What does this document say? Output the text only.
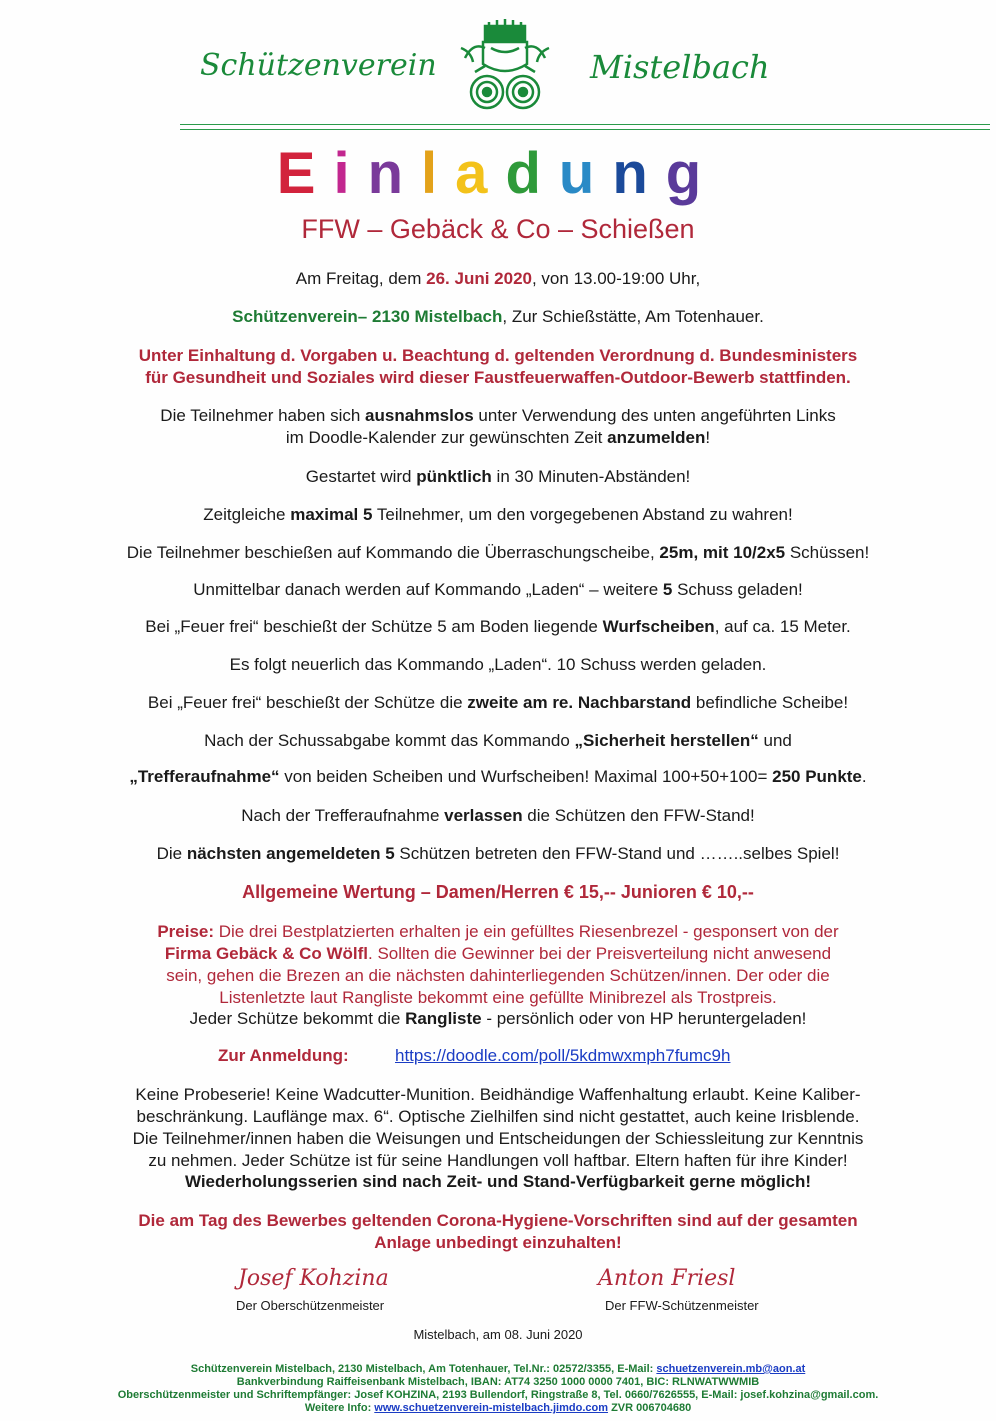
Schützenverein	Mistelbach
Einladung
FFW – Gebäck & Co – Schießen
Am Freitag, dem 26. Juni 2020, von 13.00-19:00 Uhr,
Schützenverein– 2130 Mistelbach, Zur Schießstätte, Am Totenhauer.
Unter Einhaltung d. Vorgaben u. Beachtung d. geltenden Verordnung d. Bundesministers
für Gesundheit und Soziales wird dieser Faustfeuerwaffen-Outdoor-Bewerb stattfinden.
Die Teilnehmer haben sich ausnahmslos unter Verwendung des unten angeführten Links
im Doodle-Kalender zur gewünschten Zeit anzumelden!
Gestartet wird pünktlich in 30 Minuten-Abständen!
Zeitgleiche maximal 5 Teilnehmer, um den vorgegebenen Abstand zu wahren!
Die Teilnehmer beschießen auf Kommando die Überraschungscheibe, 25m, mit 10/2x5 Schüssen!
Unmittelbar danach werden auf Kommando „Laden“ – weitere 5 Schuss geladen!
Bei „Feuer frei“ beschießt der Schütze 5 am Boden liegende Wurfscheiben, auf ca. 15 Meter.
Es folgt neuerlich das Kommando „Laden“. 10 Schuss werden geladen.
Bei „Feuer frei“ beschießt der Schütze die zweite am re. Nachbarstand befindliche Scheibe!
Nach der Schussabgabe kommt das Kommando „Sicherheit herstellen“ und
„Trefferaufnahme“ von beiden Scheiben und Wurfscheiben! Maximal 100+50+100= 250 Punkte.
Nach der Trefferaufnahme verlassen die Schützen den FFW-Stand!
Die nächsten angemeldeten 5 Schützen betreten den FFW-Stand und ……..selbes Spiel!
Allgemeine Wertung – Damen/Herren € 15,-- Junioren € 10,--
Preise: Die drei Bestplatzierten erhalten je ein gefülltes Riesenbrezel - gesponsert von der
Firma Gebäck & Co Wölfl. Sollten die Gewinner bei der Preisverteilung nicht anwesend
sein, gehen die Brezen an die nächsten dahinterliegenden Schützen/innen. Der oder die
Listenletzte laut Rangliste bekommt eine gefüllte Minibrezel als Trostpreis.
Jeder Schütze bekommt die Rangliste - persönlich oder von HP heruntergeladen!
Zur Anmeldung:	https://doodle.com/poll/5kdmwxmph7fumc9h
Keine Probeserie! Keine Wadcutter-Munition. Beidhändige Waffenhaltung erlaubt. Keine Kaliber-
beschränkung. Lauflänge max. 6“. Optische Zielhilfen sind nicht gestattet, auch keine Irisblende.
Die Teilnehmer/innen haben die Weisungen und Entscheidungen der Schiessleitung zur Kenntnis
zu nehmen. Jeder Schütze ist für seine Handlungen voll haftbar. Eltern haften für ihre Kinder!
Wiederholungsserien sind nach Zeit- und Stand-Verfügbarkeit gerne möglich!
Die am Tag des Bewerbes geltenden Corona-Hygiene-Vorschriften sind auf der gesamten
Anlage unbedingt einzuhalten!
Josef Kohzina
Der Oberschützenmeister
Anton Friesl
Der FFW-Schützenmeister
Mistelbach, am 08. Juni 2020
Schützenverein Mistelbach, 2130 Mistelbach, Am Totenhauer, Tel.Nr.: 02572/3355, E-Mail: schuetzenverein.mb@aon.at
Bankverbindung Raiffeisenbank Mistelbach, IBAN: AT74 3250 1000 0000 7401, BIC: RLNWATWWMIB
Oberschützenmeister und Schriftempfänger: Josef KOHZINA, 2193 Bullendorf, Ringstraße 8, Tel. 0660/7626555, E-Mail: josef.kohzina@gmail.com.
Weitere Info: www.schuetzenverein-mistelbach.jimdo.com ZVR 006704680
